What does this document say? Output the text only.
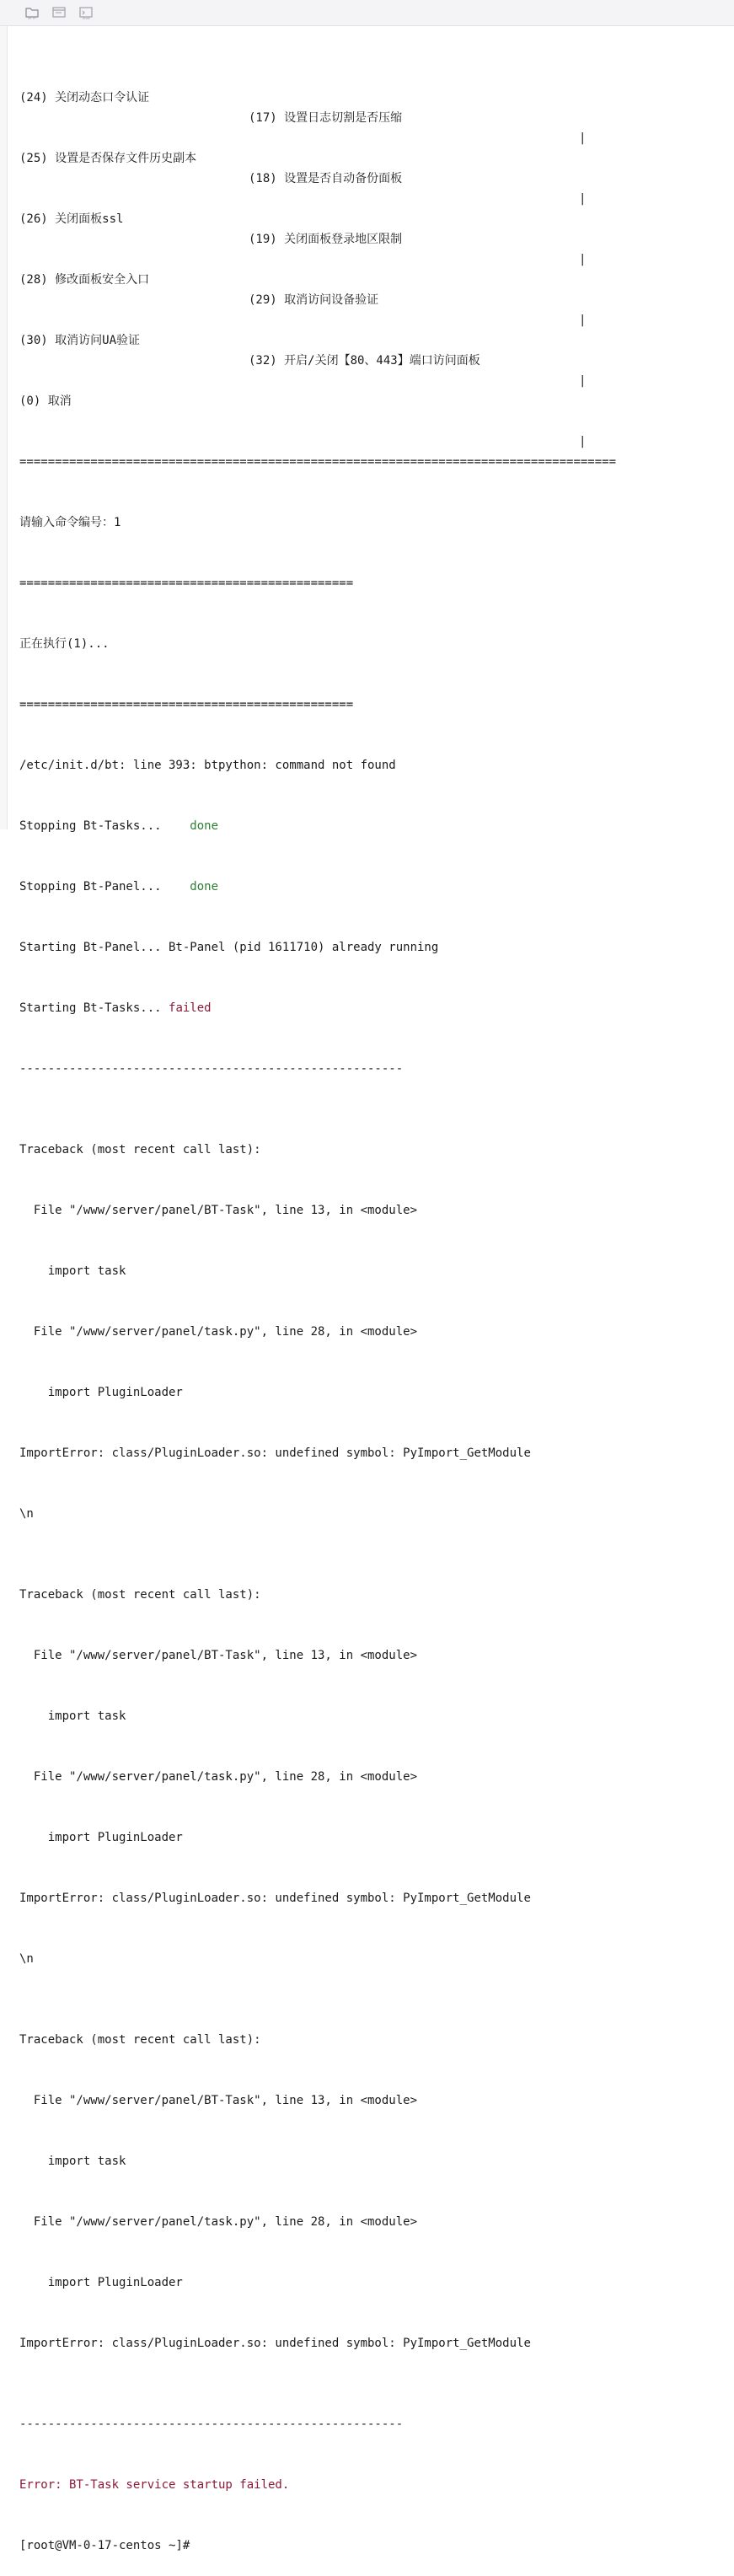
SFTP	Shell

(24) 关闭动态口令认证

(17) 设置日志切割是否压缩

|

(25) 设置是否保存文件历史副本

(18) 设置是否自动备份面板

|

(26) 关闭面板ssl

(19) 关闭面板登录地区限制

|

(28) 修改面板安全入口

(29) 取消访问设备验证

|

(30) 取消访问UA验证

(32) 开启/关闭【80、443】端口访问面板

|

(0) 取消

|

====================================================================================

请输入命令编号：1

===============================================

正在执行(1)...

===============================================

/etc/init.d/bt: line 393: btpython: command not found

Stopping Bt-Tasks...    done

Stopping Bt-Panel...    done

Starting Bt-Panel... Bt-Panel (pid 1611710) already running

Starting Bt-Tasks... failed

------------------------------------------------------

Traceback (most recent call last):

File "/www/server/panel/BT-Task", line 13, in <module>

import task

File "/www/server/panel/task.py", line 28, in <module>

import PluginLoader

ImportError: class/PluginLoader.so: undefined symbol: PyImport_GetModule

\n

Traceback (most recent call last):

File "/www/server/panel/BT-Task", line 13, in <module>

import task

File "/www/server/panel/task.py", line 28, in <module>

import PluginLoader

ImportError: class/PluginLoader.so: undefined symbol: PyImport_GetModule

\n

Traceback (most recent call last):

File "/www/server/panel/BT-Task", line 13, in <module>

import task

File "/www/server/panel/task.py", line 28, in <module>

import PluginLoader

ImportError: class/PluginLoader.so: undefined symbol: PyImport_GetModule

------------------------------------------------------

Error: BT-Task service startup failed.

[root@VM-0-17-centos ~]#
